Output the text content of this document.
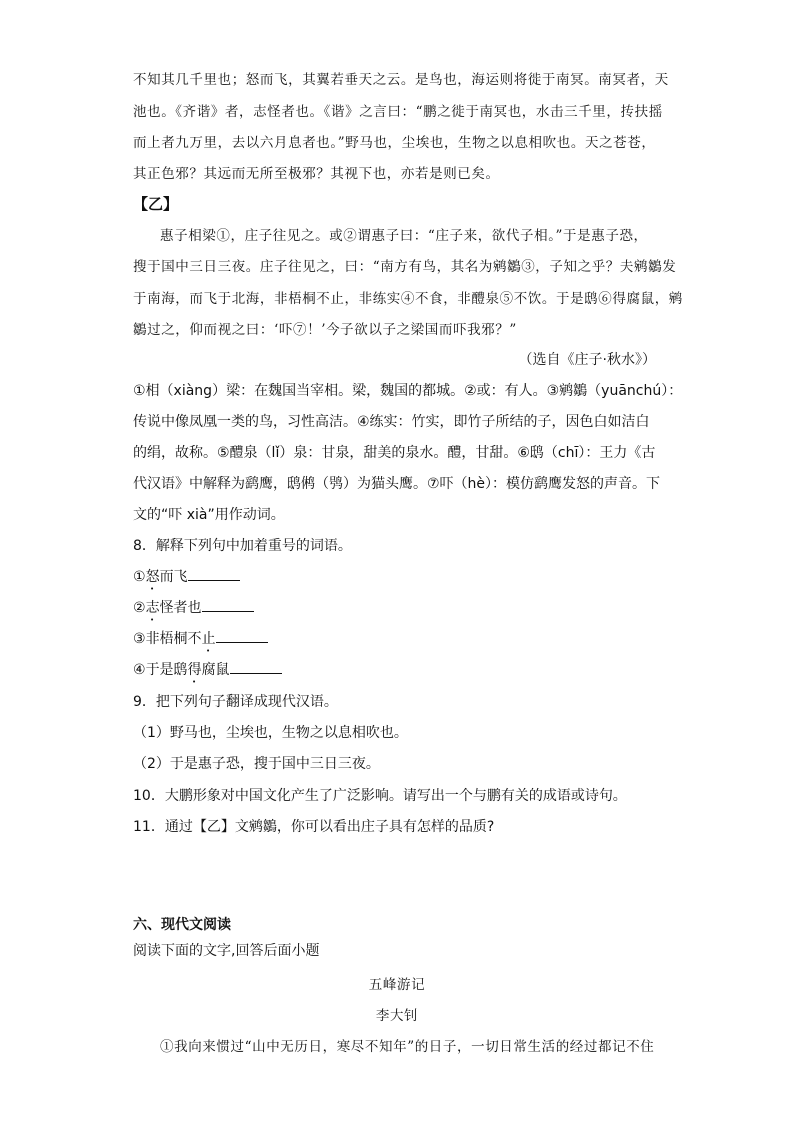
不知其几千里也；怒而飞，其翼若垂天之云。是鸟也，海运则将徙于南冥。南冥者，天
池也。《齐谐》者，志怪者也。《谐》之言曰：“鹏之徙于南冥也，水击三千里，抟扶摇
而上者九万里，去以六月息者也。”野马也，尘埃也，生物之以息相吹也。天之苍苍，
其正色邪？其远而无所至极邪？其视下也，亦若是则已矣。
【乙】
惠子相梁①，庄子往见之。或②谓惠子曰：“庄子来，欲代子相。”于是惠子恐，
搜于国中三日三夜。庄子往见之，曰：“南方有鸟，其名为鹓鶵③，子知之乎？夫鹓鶵发
于南海，而飞于北海，非梧桐不止，非练实④不食，非醴泉⑤不饮。于是鸱⑥得腐鼠，鹓
鶵过之，仰而视之曰：‘吓⑦！’今子欲以子之梁国而吓我邪？”
（选自《庄子·秋水》）
①相（xiàng）梁：在魏国当宰相。梁，魏国的都城。②或：有人。③鹓鶵（yuānchú）：
传说中像凤凰一类的鸟，习性高洁。④练实：竹实，即竹子所结的子，因色白如洁白
的绢，故称。⑤醴泉（lǐ）泉：甘泉，甜美的泉水。醴，甘甜。⑥鸱（chī）：王力《古
代汉语》中解释为鹞鹰，鸱鸺（鸮）为猫头鹰。⑦吓（hè）：模仿鹞鹰发怒的声音。下
文的“吓 xià”用作动词。
8．解释下列句中加着重号的词语。
①怒而飞
②志怪者也
③非梧桐不止
④于是鸱得腐鼠
9．把下列句子翻译成现代汉语。
（1）野马也，尘埃也，生物之以息相吹也。
（2）于是惠子恐，搜于国中三日三夜。
10．大鹏形象对中国文化产生了广泛影响。请写出一个与鹏有关的成语或诗句。
11．通过【乙】文鹓鶵，你可以看出庄子具有怎样的品质?
六、现代文阅读
阅读下面的文字,回答后面小题
五峰游记
李大钊
①我向来惯过“山中无历日，寒尽不知年”的日子，一切日常生活的经过都记不住
